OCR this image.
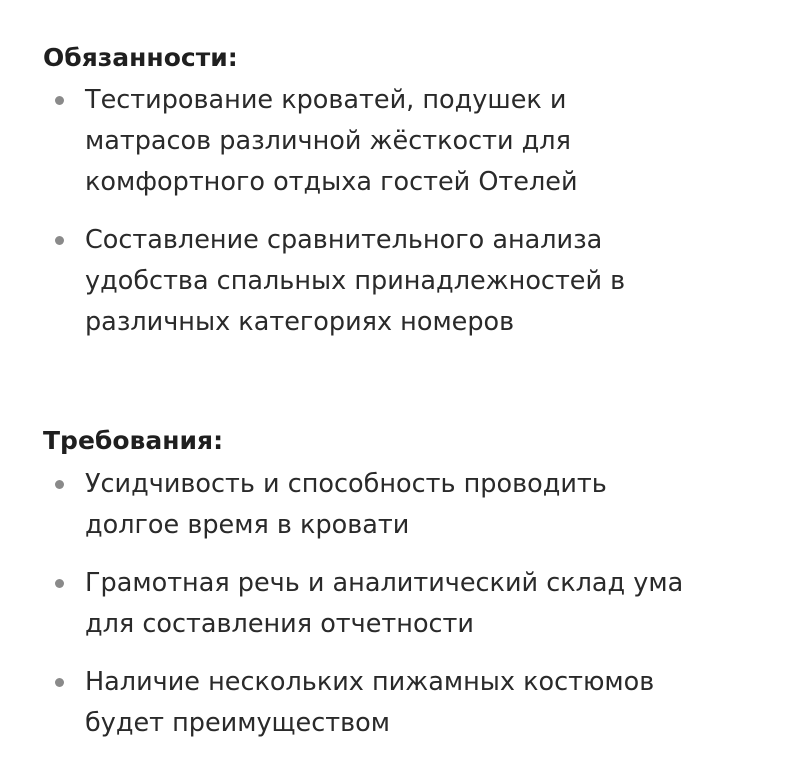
Обязанности:
Тестирование кроватей, подушек и
матрасов различной жёсткости для
комфортного отдыха гостей Отелей
Составление сравнительного анализа
удобства спальных принадлежностей в
различных категориях номеров
Требования:
Усидчивость и способность проводить
долгое время в кровати
Грамотная речь и аналитический склад ума
для составления отчетности
Наличие нескольких пижамных костюмов
будет преимуществом
